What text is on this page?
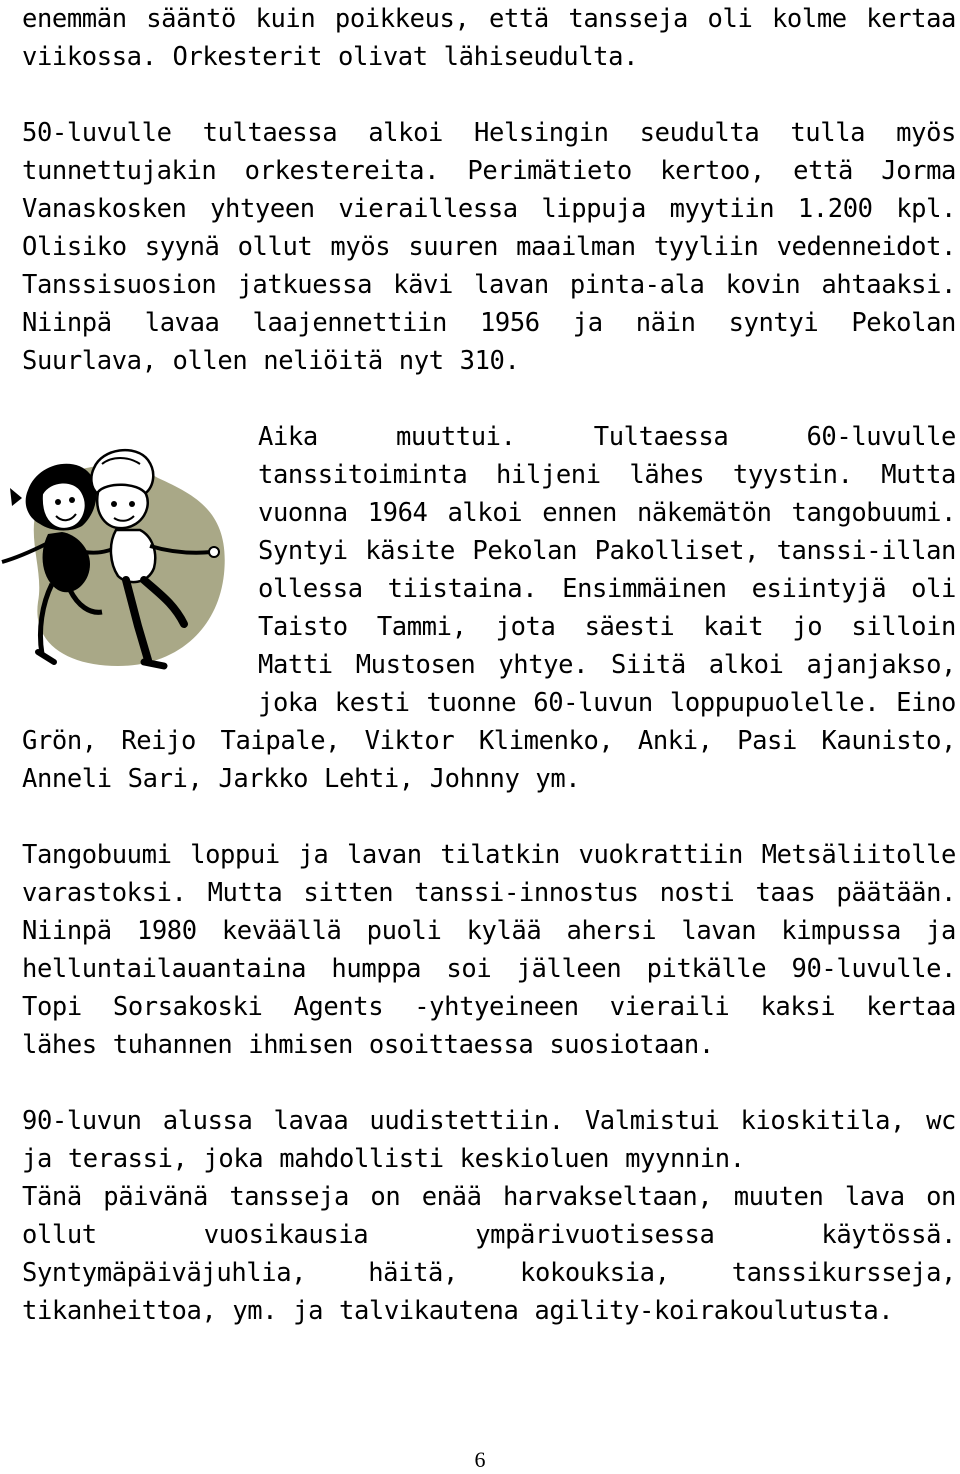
enemmän sääntö kuin poikkeus, että tansseja oli kolme kertaa viikossa. Orkesterit olivat lähiseudulta.

50-luvulle tultaessa alkoi Helsingin seudulta tulla myös tunnettujakin orkestereita. Perimätieto kertoo, että Jorma Vanaskosken yhtyeen vieraillessa lippuja myytiin 1.200 kpl. Olisiko syynä ollut myös suuren maailman tyyliin vedenneidot. Tanssisuosion jatkuessa kävi lavan pinta-ala kovin ahtaaksi. Niinpä lavaa laajennettiin 1956 ja näin syntyi Pekolan Suurlava, ollen neliöitä nyt 310.

Aika muuttui. Tultaessa 60-luvulle tanssitoiminta hiljeni lähes tyystin. Mutta vuonna 1964 alkoi ennen näkemätön tangobuumi. Syntyi käsite Pekolan Pakolliset, tanssi-illan ollessa tiistaina. Ensimmäinen esiintyjä oli Taisto Tammi, jota säesti kait jo silloin Matti Mustosen yhtye. Siitä alkoi ajanjakso, joka kesti tuonne 60-luvun loppupuolelle. Eino Grön, Reijo Taipale, Viktor Klimenko, Anki, Pasi Kaunisto, Anneli Sari, Jarkko Lehti, Johnny ym.

Tangobuumi loppui ja lavan tilatkin vuokrattiin Metsäliitolle varastoksi. Mutta sitten tanssi-innostus nosti taas päätään. Niinpä 1980 keväällä puoli kylää ahersi lavan kimpussa ja helluntailauantaina humppa soi jälleen pitkälle 90-luvulle. Topi Sorsakoski Agents -yhtyeineen vieraili kaksi kertaa lähes tuhannen ihmisen osoittaessa suosiotaan.

90-luvun alussa lavaa uudistettiin. Valmistui kioskitila, wc ja terassi, joka mahdollisti keskioluen myynnin.

Tänä päivänä tansseja on enää harvakseltaan, muuten lava on ollut vuosikausia ympärivuotisessa käytössä. Syntymäpäiväjuhlia, häitä, kokouksia, tanssikursseja, tikanheittoa, ym. ja talvikautena agility-koirakoulutusta.

6
